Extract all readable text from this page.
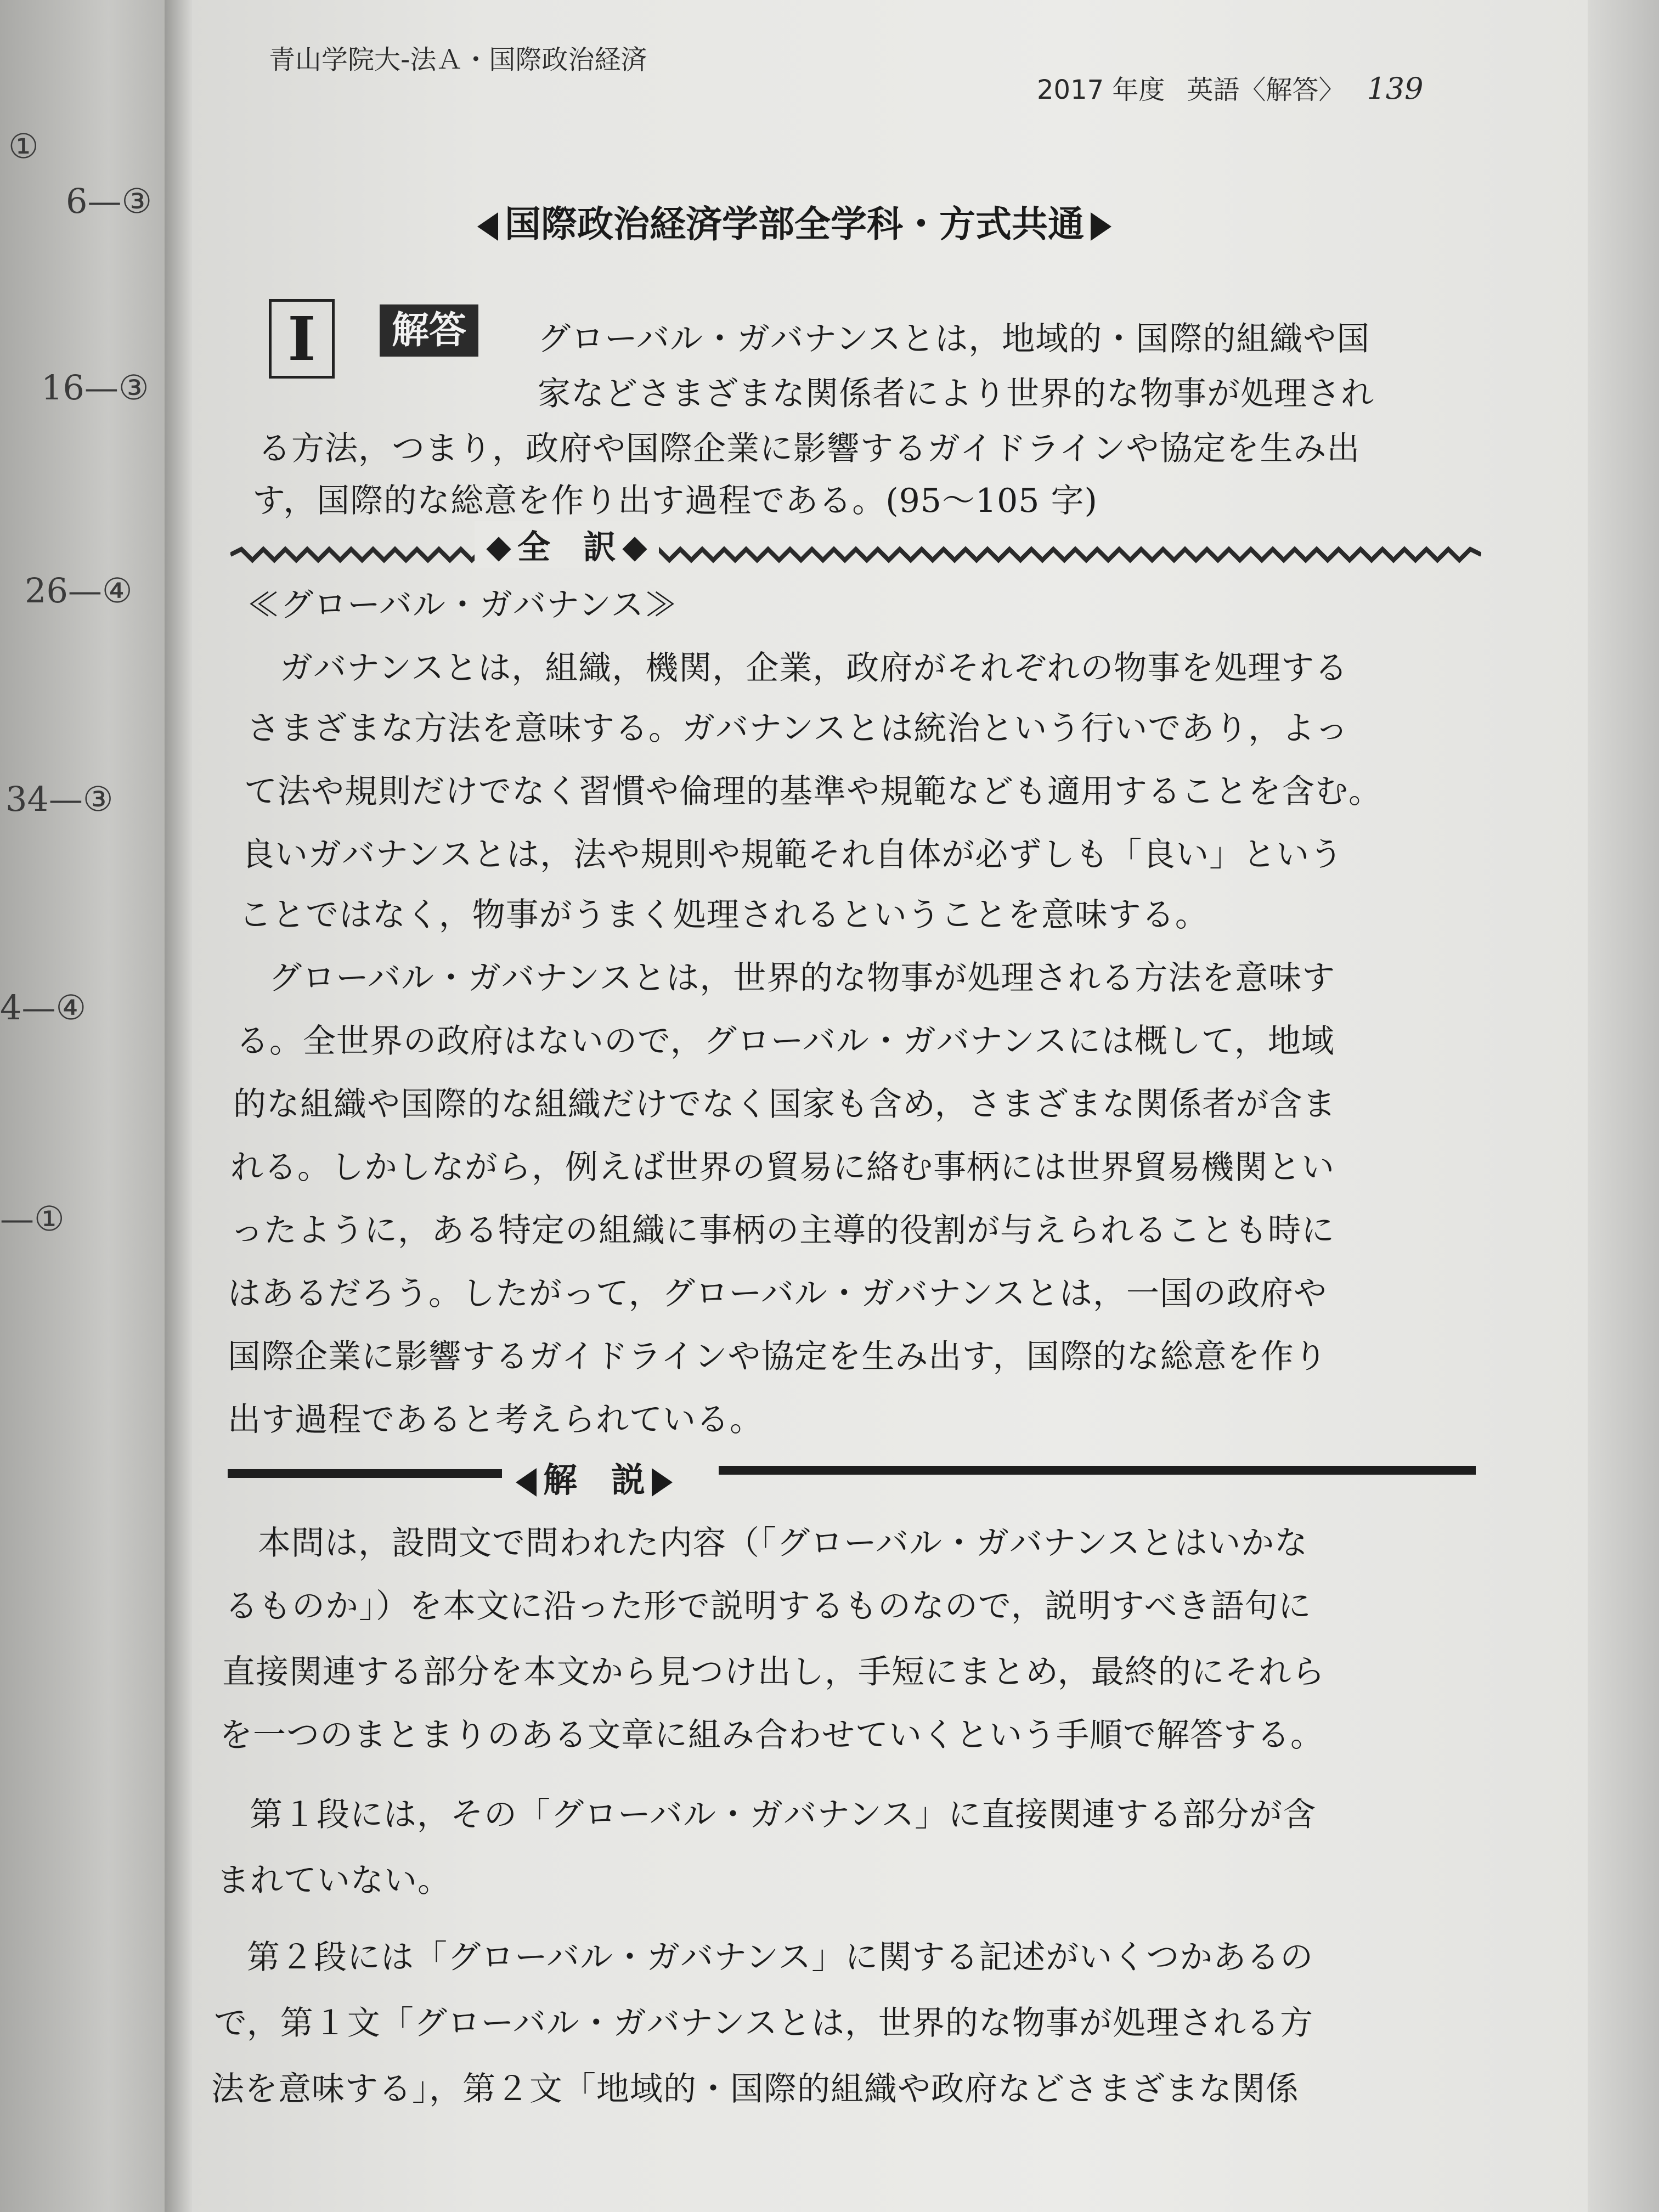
①
6—③
16—③
26—④
34—③
4—④
—①
青山学院大-法Ａ・国際政治経済
2017 年度 英語〈解答〉 139
国際政治経済学部全学科・方式共通
I	解答	グローバル・ガバナンスとは，地域的・国際的組織や国
家などさまざまな関係者により世界的な物事が処理され
る方法，つまり，政府や国際企業に影響するガイドラインや協定を生み出
す，国際的な総意を作り出す過程である。(95〜105 字)
全　訳
≪グローバル・ガバナンス≫
ガバナンスとは，組織，機関，企業，政府がそれぞれの物事を処理する
さまざまな方法を意味する。ガバナンスとは統治という行いであり，よっ
て法や規則だけでなく習慣や倫理的基準や規範なども適用することを含む。
良いガバナンスとは，法や規則や規範それ自体が必ずしも「良い」という
ことではなく，物事がうまく処理されるということを意味する。
グローバル・ガバナンスとは，世界的な物事が処理される方法を意味す
る。全世界の政府はないので，グローバル・ガバナンスには概して，地域
的な組織や国際的な組織だけでなく国家も含め，さまざまな関係者が含ま
れる。しかしながら，例えば世界の貿易に絡む事柄には世界貿易機関とい
ったように，ある特定の組織に事柄の主導的役割が与えられることも時に
はあるだろう。したがって，グローバル・ガバナンスとは，一国の政府や
国際企業に影響するガイドラインや協定を生み出す，国際的な総意を作り
出す過程であると考えられている。
解　説
本問は，設問文で問われた内容（「グローバル・ガバナンスとはいかな
るものか」）を本文に沿った形で説明するものなので，説明すべき語句に
直接関連する部分を本文から見つけ出し，手短にまとめ，最終的にそれら
を一つのまとまりのある文章に組み合わせていくという手順で解答する。
第１段には，その「グローバル・ガバナンス」に直接関連する部分が含
まれていない。
第２段には「グローバル・ガバナンス」に関する記述がいくつかあるの
で，第１文「グローバル・ガバナンスとは，世界的な物事が処理される方
法を意味する」，第２文「地域的・国際的組織や政府などさまざまな関係
